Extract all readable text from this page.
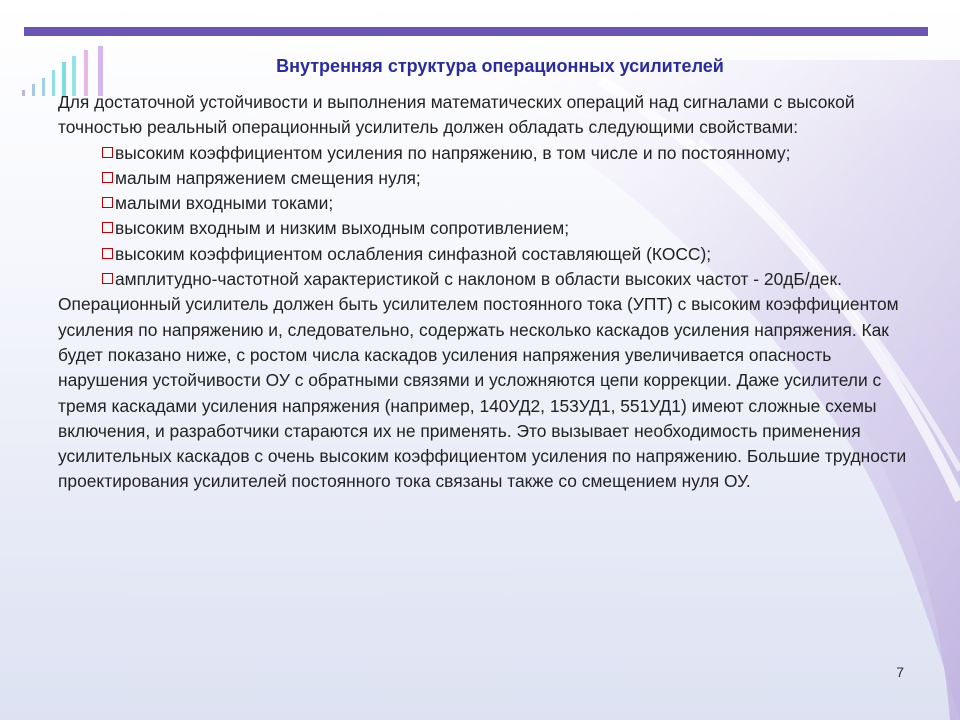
Внутренняя структура операционных усилителей

Для достаточной устойчивости и выполнения математических операций над сигналами с высокой точностью реальный операционный усилитель должен обладать следующими свойствами:

высоким коэффициентом усиления по напряжению, в том числе и по постоянному;
малым напряжением смещения нуля;
малыми входными токами;
высоким входным и низким выходным сопротивлением;
высоким коэффициентом ослабления синфазной составляющей (КОСС);
амплитудно-частотной характеристикой с наклоном в области высоких частот - 20дБ/дек.

Операционный усилитель должен быть усилителем постоянного тока (УПТ) с высоким коэффициентом усиления по напряжению и, следовательно, содержать несколько каскадов усиления напряжения. Как будет показано ниже, с ростом числа каскадов усиления напряжения увеличивается опасность нарушения устойчивости ОУ с обратными связями и усложняются цепи коррекции. Даже усилители с тремя каскадами усиления напряжения (например, 140УД2, 153УД1, 551УД1) имеют сложные схемы включения, и разработчики стараются их не применять. Это вызывает необходимость применения усилительных каскадов с очень высоким коэффициентом усиления по напряжению. Большие трудности проектирования усилителей постоянного тока связаны также со смещением нуля ОУ.

7
